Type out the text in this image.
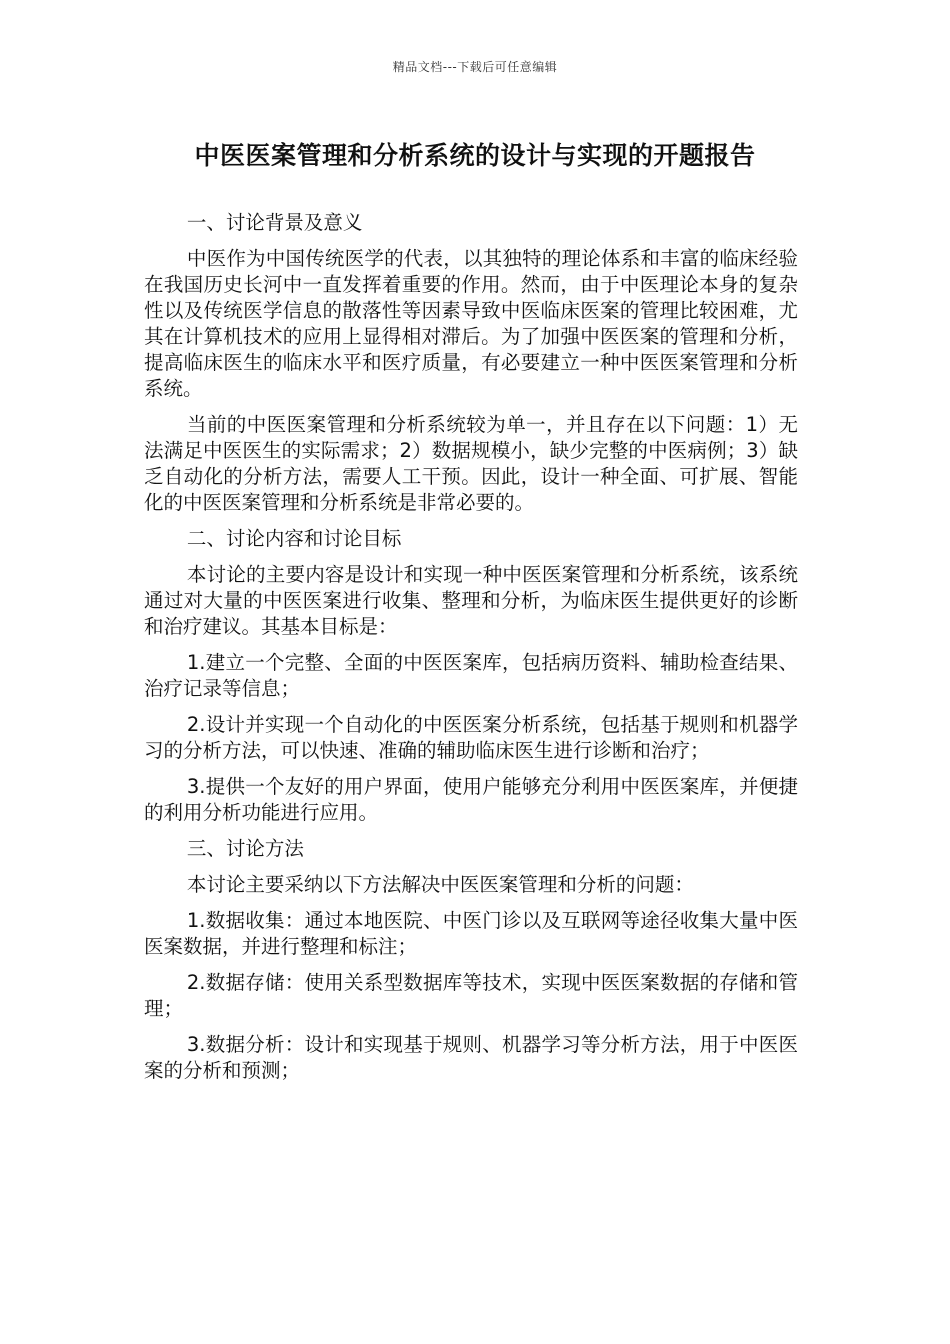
精品文档---下载后可任意编辑
中医医案管理和分析系统的设计与实现的开题报告

一、讨论背景及意义

中医作为中国传统医学的代表，以其独特的理论体系和丰富的临床经验在我国历史长河中一直发挥着重要的作用。然而，由于中医理论本身的复杂性以及传统医学信息的散落性等因素导致中医临床医案的管理比较困难，尤其在计算机技术的应用上显得相对滞后。为了加强中医医案的管理和分析，提高临床医生的临床水平和医疗质量，有必要建立一种中医医案管理和分析系统。

当前的中医医案管理和分析系统较为单一，并且存在以下问题：1）无法满足中医医生的实际需求；2）数据规模小，缺少完整的中医病例；3）缺乏自动化的分析方法，需要人工干预。因此，设计一种全面、可扩展、智能化的中医医案管理和分析系统是非常必要的。

二、讨论内容和讨论目标

本讨论的主要内容是设计和实现一种中医医案管理和分析系统，该系统通过对大量的中医医案进行收集、整理和分析，为临床医生提供更好的诊断和治疗建议。其基本目标是：

1.建立一个完整、全面的中医医案库，包括病历资料、辅助检查结果、治疗记录等信息；

2.设计并实现一个自动化的中医医案分析系统，包括基于规则和机器学习的分析方法，可以快速、准确的辅助临床医生进行诊断和治疗；

3.提供一个友好的用户界面，使用户能够充分利用中医医案库，并便捷的利用分析功能进行应用。

三、讨论方法

本讨论主要采纳以下方法解决中医医案管理和分析的问题：

1.数据收集：通过本地医院、中医门诊以及互联网等途径收集大量中医医案数据，并进行整理和标注；

2.数据存储：使用关系型数据库等技术，实现中医医案数据的存储和管理；

3.数据分析：设计和实现基于规则、机器学习等分析方法，用于中医医案的分析和预测；
